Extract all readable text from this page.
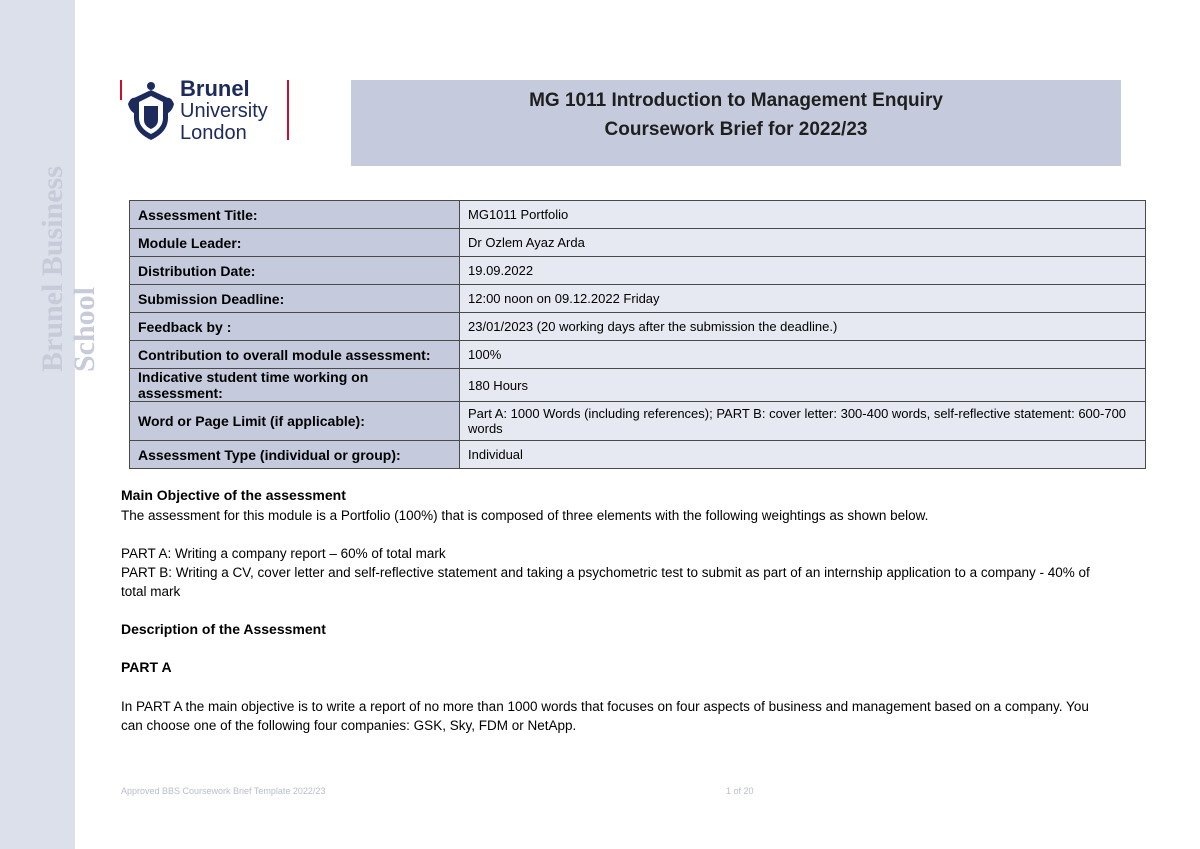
Brunel Business School
Brunel
University
London
MG 1011 Introduction to Management Enquiry
Coursework Brief for 2022/23
Assessment Title:	MG1011 Portfolio
Module Leader:	Dr Ozlem Ayaz Arda
Distribution Date:	19.09.2022
Submission Deadline:	12:00 noon on 09.12.2022 Friday
Feedback by :	23/01/2023 (20 working days after the submission the deadline.)
Contribution to overall module assessment:	100%
Indicative student time working on assessment:	180 Hours
Word or Page Limit (if applicable):	Part A: 1000 Words (including references); PART B: cover letter: 300-400 words, self-reflective statement: 600-700 words
Assessment Type (individual or group):	Individual
Main Objective of the assessment
The assessment for this module is a Portfolio (100%) that is composed of three elements with the following weightings as shown below.
PART A: Writing a company report – 60% of total mark
PART B: Writing a CV, cover letter and self-reflective statement and taking a psychometric test to submit as part of an internship application to a company - 40% of total mark
Description of the Assessment
PART A
In PART A the main objective is to write a report of no more than 1000 words that focuses on four aspects of business and management based on a company. You can choose one of the following four companies: GSK, Sky, FDM or NetApp.
Approved BBS Coursework Brief Template 2022/23	1 of 20
